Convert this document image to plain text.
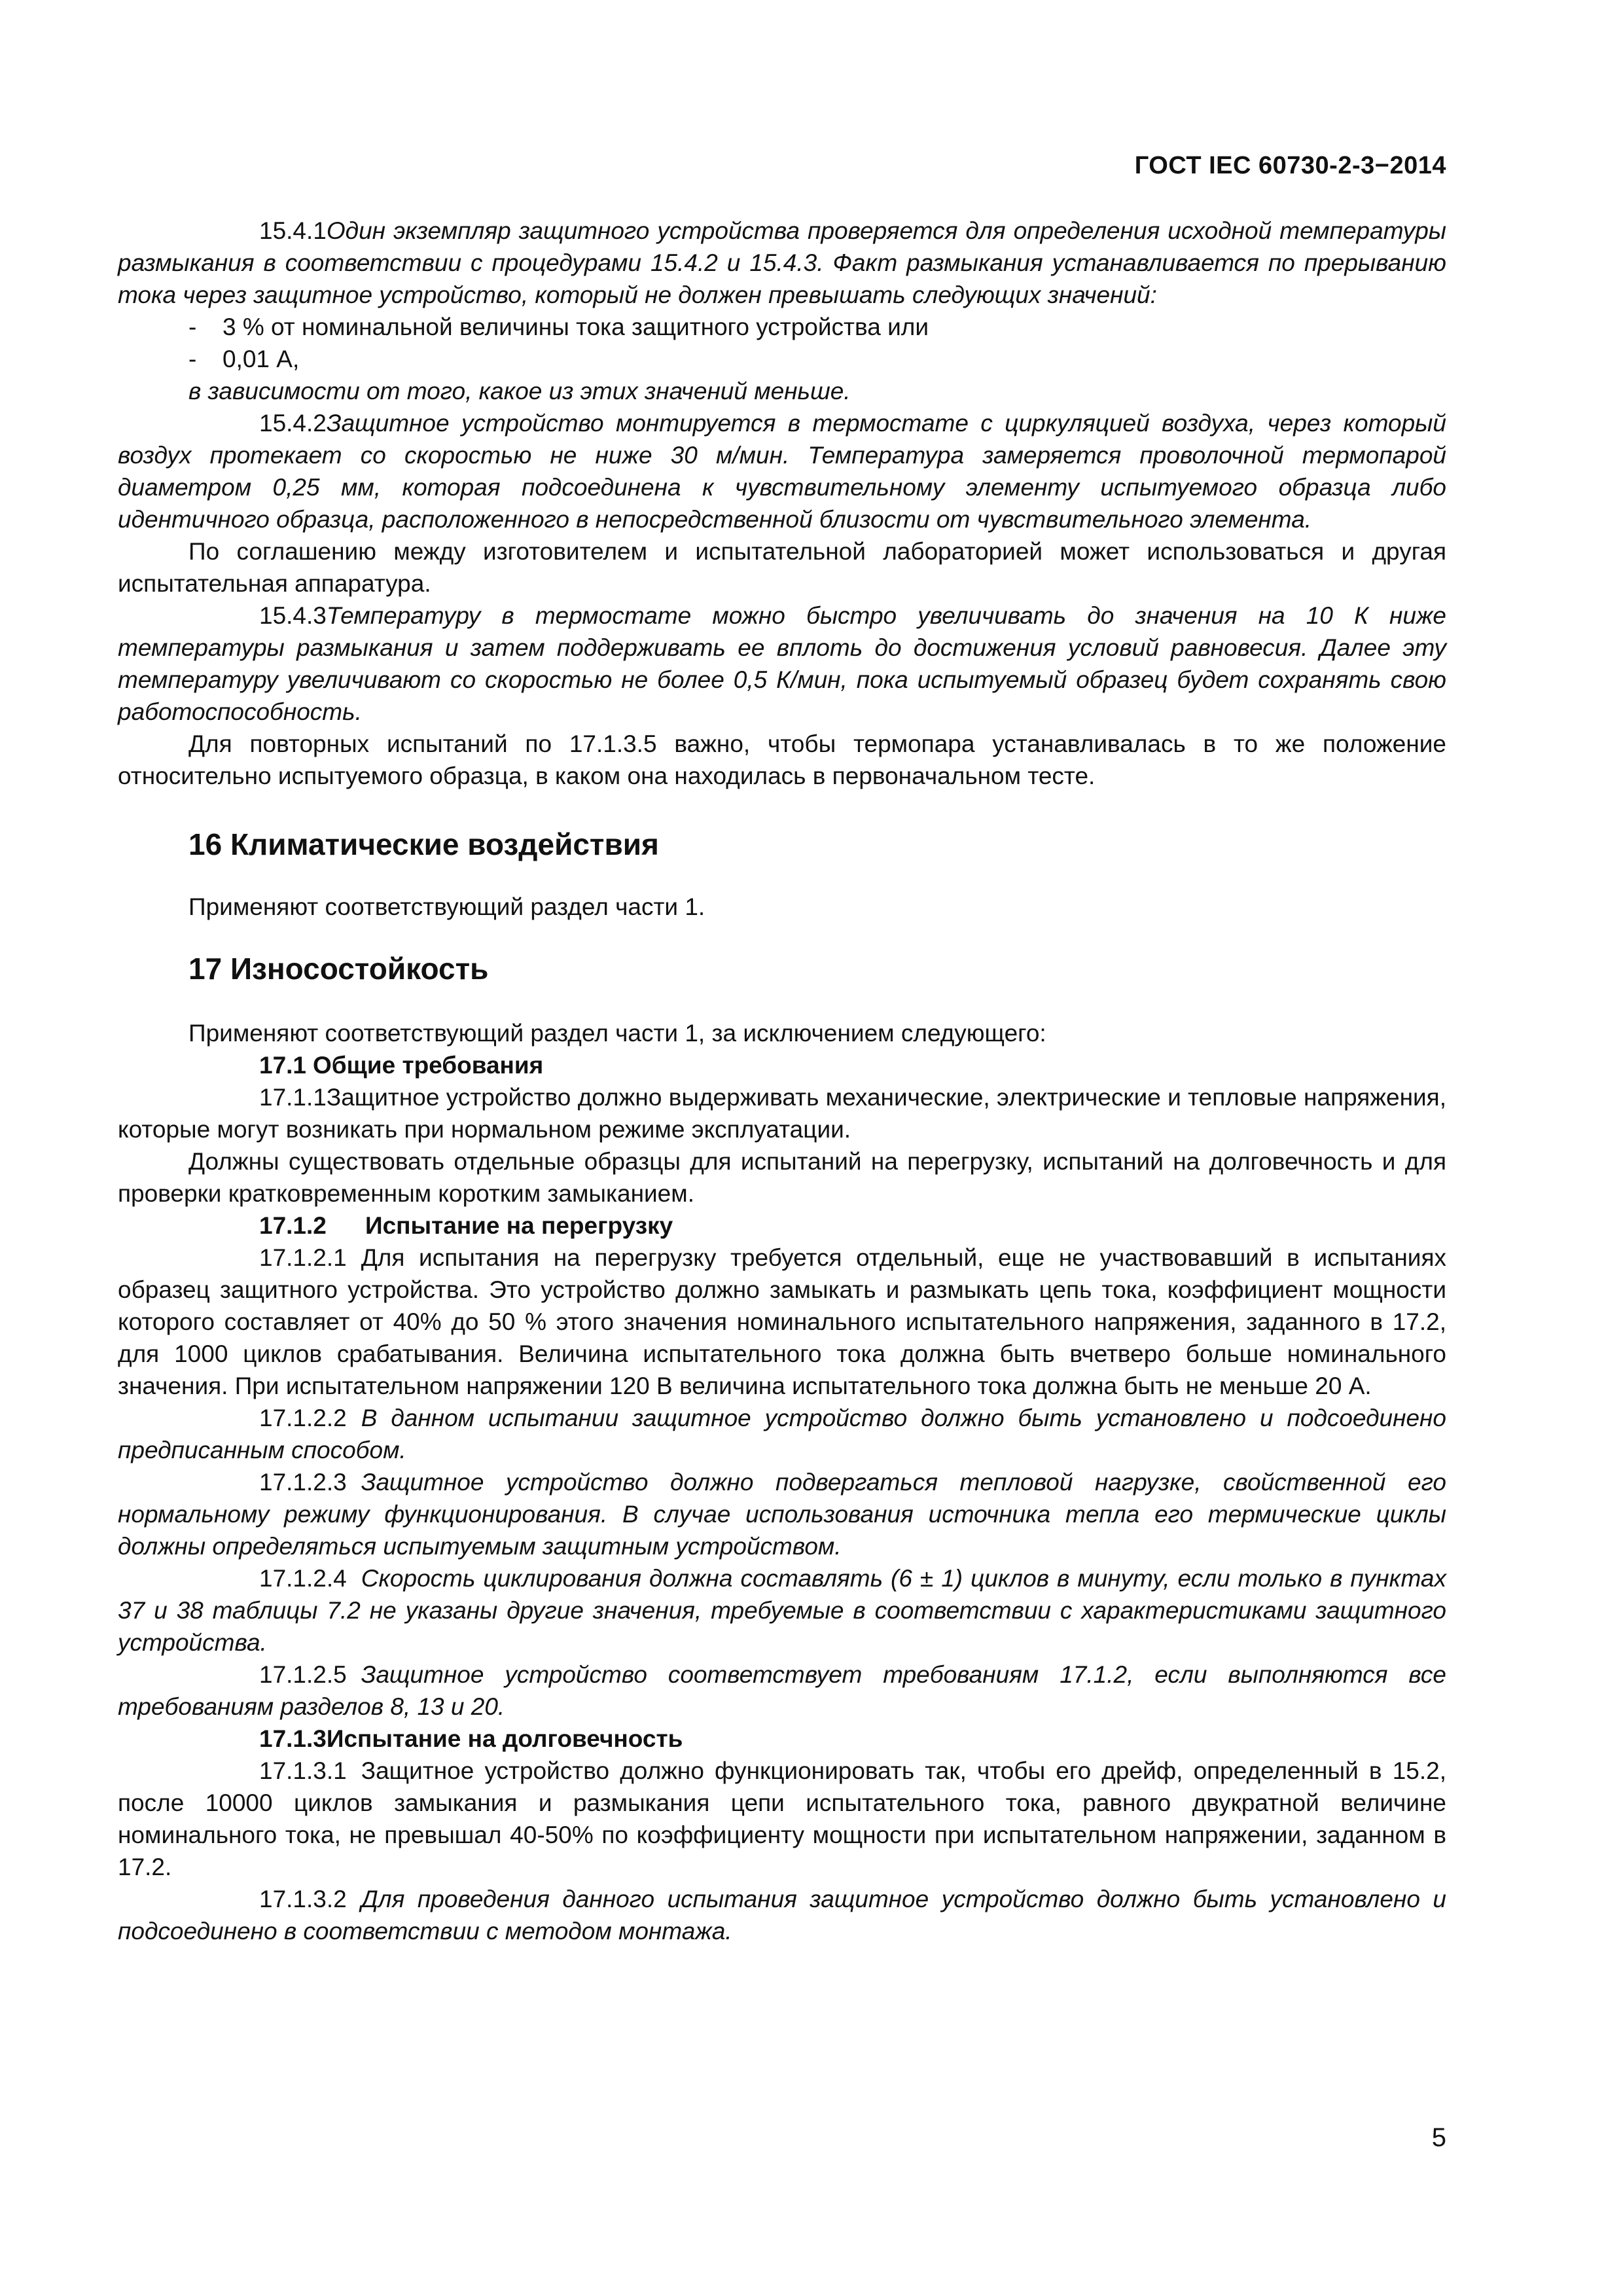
ГОСТ IEC 60730-2-3−2014

15.4.1Один экземпляр защитного устройства проверяется для определения исходной температуры размыкания в соответствии с процедурами 15.4.2 и 15.4.3. Факт размыкания устанавливается по прерыванию тока через защитное устройство, который не должен превышать следующих значений:

- 3 % от номинальной величины тока защитного устройства или

- 0,01 А,

в зависимости от того, какое из этих значений меньше.

15.4.2Защитное устройство монтируется в термостате с циркуляцией воздуха, через который воздух протекает со скоростью не ниже 30 м/мин. Температура замеряется проволочной термопарой диаметром 0,25 мм, которая подсоединена к чувствительному элементу испытуемого образца либо идентичного образца, расположенного в непосредственной близости от чувствительного элемента.

По соглашению между изготовителем и испытательной лабораторией может использоваться и другая испытательная аппаратура.

15.4.3Температуру в термостате можно быстро увеличивать до значения на 10 К ниже температуры размыкания и затем поддерживать ее вплоть до достижения условий равновесия. Далее эту температуру увеличивают со скоростью не более 0,5 К/мин, пока испытуемый образец будет сохранять свою работоспособность.

Для повторных испытаний по 17.1.3.5 важно, чтобы термопара устанавливалась в то же положение относительно испытуемого образца, в каком она находилась в первоначальном тесте.

16 Климатические воздействия

Применяют соответствующий раздел части 1.

17 Износостойкость

Применяют соответствующий раздел части 1, за исключением следующего:

17.1 Общие требования

17.1.1Защитное устройство должно выдерживать механические, электрические и тепловые напряжения, которые могут возникать при нормальном режиме эксплуатации.

Должны существовать отдельные образцы для испытаний на перегрузку, испытаний на долговечность и для проверки кратковременным коротким замыканием.

17.1.2 Испытание на перегрузку

17.1.2.1 Для испытания на перегрузку требуется отдельный, еще не участвовавший в испытаниях образец защитного устройства. Это устройство должно замыкать и размыкать цепь тока, коэффициент мощности которого составляет от 40% до 50 % этого значения номинального испытательного напряжения, заданного в 17.2, для 1000 циклов срабатывания. Величина испытательного тока должна быть вчетверо больше номинального значения. При испытательном напряжении 120 В величина испытательного тока должна быть не меньше 20 А.

17.1.2.2 В данном испытании защитное устройство должно быть установлено и подсоединено предписанным способом.

17.1.2.3 Защитное устройство должно подвергаться тепловой нагрузке, свойственной его нормальному режиму функционирования. В случае использования источника тепла его термические циклы должны определяться испытуемым защитным устройством.

17.1.2.4 Скорость циклирования должна составлять (6 ± 1) циклов в минуту, если только в пунктах 37 и 38 таблицы 7.2 не указаны другие значения, требуемые в соответствии с характеристиками защитного устройства.

17.1.2.5 Защитное устройство соответствует требованиям 17.1.2, если выполняются все требованиям разделов 8, 13 и 20.

17.1.3Испытание на долговечность

17.1.3.1 Защитное устройство должно функционировать так, чтобы его дрейф, определенный в 15.2, после 10000 циклов замыкания и размыкания цепи испытательного тока, равного двукратной величине номинального тока, не превышал 40-50% по коэффициенту мощности при испытательном напряжении, заданном в 17.2.

17.1.3.2 Для проведения данного испытания защитное устройство должно быть установлено и подсоединено в соответствии с методом монтажа.

5
